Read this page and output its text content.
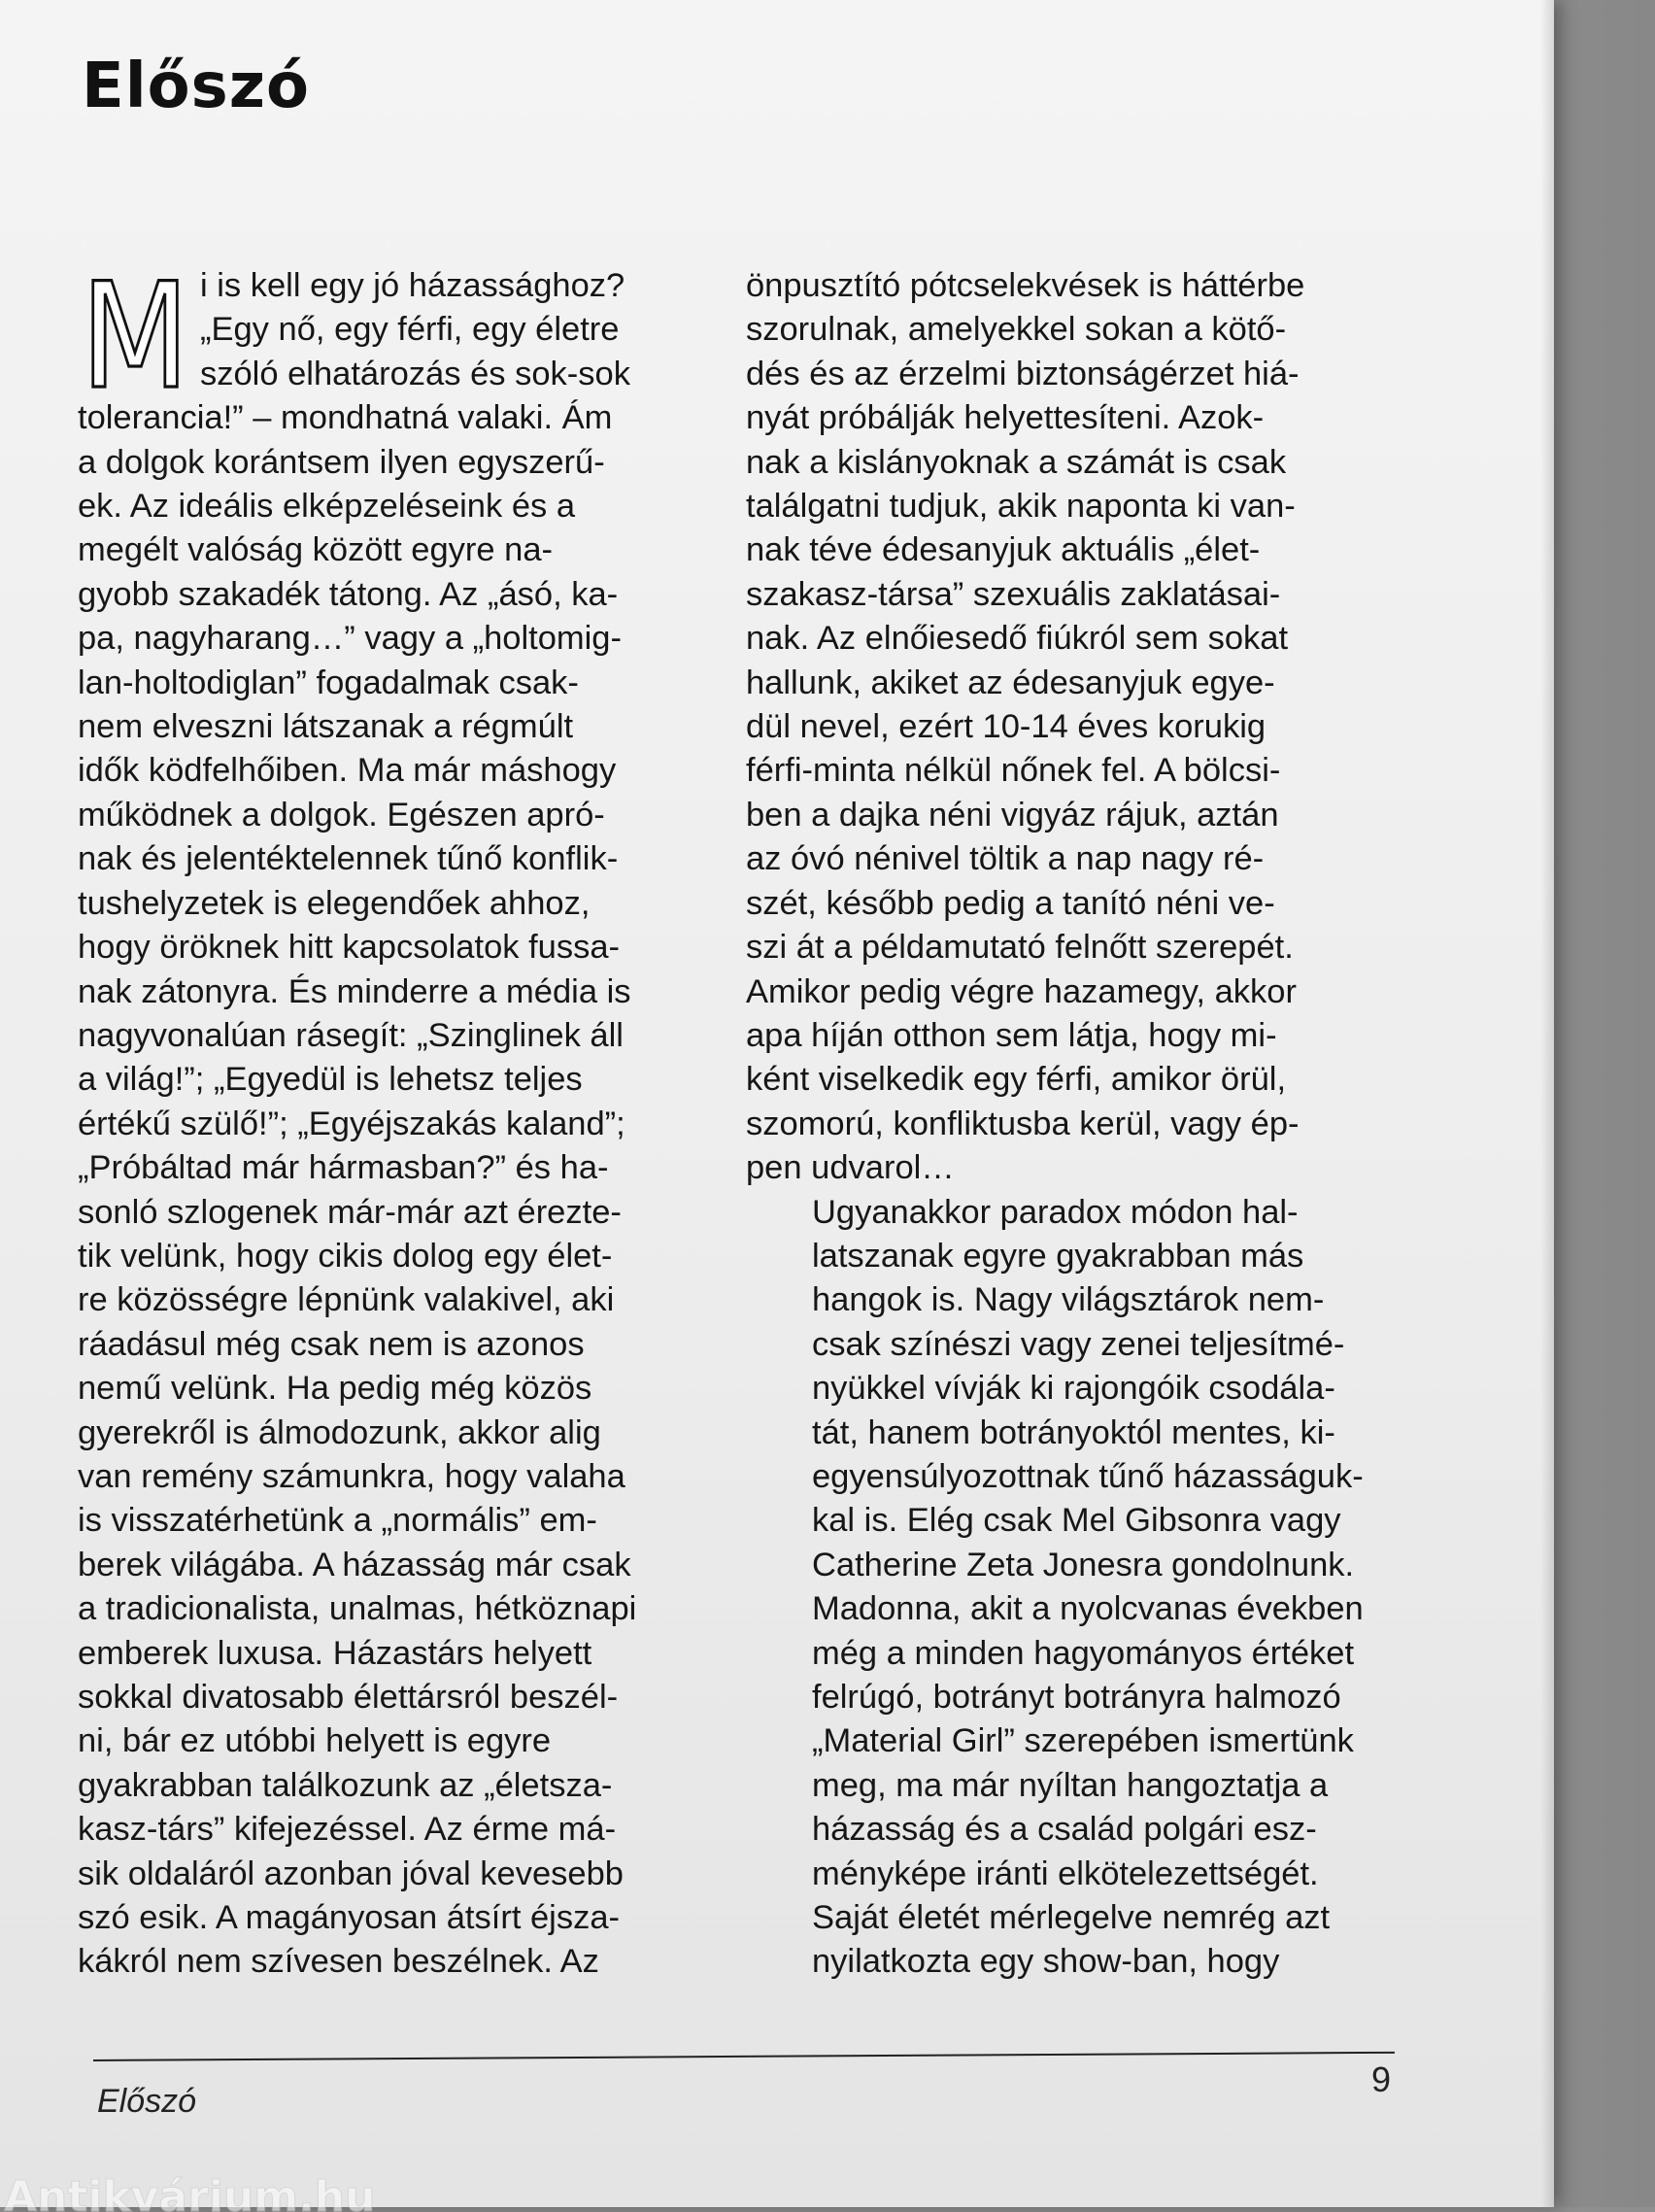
Előszó
M i is kell egy jó házassághoz?
„Egy nő, egy férfi, egy életre
szóló elhatározás és sok-sok
tolerancia!” – mondhatná valaki. Ám
a dolgok korántsem ilyen egyszerű-
ek. Az ideális elképzeléseink és a
megélt valóság között egyre na-
gyobb szakadék tátong. Az „ásó, ka-
pa, nagyharang…” vagy a „holtomig-
lan-holtodiglan” fogadalmak csak-
nem elveszni látszanak a régmúlt
idők ködfelhőiben. Ma már máshogy
működnek a dolgok. Egészen apró-
nak és jelentéktelennek tűnő konflik-
tushelyzetek is elegendőek ahhoz,
hogy öröknek hitt kapcsolatok fussa-
nak zátonyra. És minderre a média is
nagyvonalúan rásegít: „Szinglinek áll
a világ!”; „Egyedül is lehetsz teljes
értékű szülő!”; „Egyéjszakás kaland”;
„Próbáltad már hármasban?” és ha-
sonló szlogenek már-már azt érezte-
tik velünk, hogy cikis dolog egy élet-
re közösségre lépnünk valakivel, aki
ráadásul még csak nem is azonos
nemű velünk. Ha pedig még közös
gyerekről is álmodozunk, akkor alig
van remény számunkra, hogy valaha
is visszatérhetünk a „normális” em-
berek világába. A házasság már csak
a tradicionalista, unalmas, hétköznapi
emberek luxusa. Házastárs helyett
sokkal divatosabb élettársról beszél-
ni, bár ez utóbbi helyett is egyre
gyakrabban találkozunk az „életsza-
kasz-társ” kifejezéssel. Az érme má-
sik oldaláról azonban jóval kevesebb
szó esik. A magányosan átsírt éjsza-
kákról nem szívesen beszélnek. Az

önpusztító pótcselekvések is háttérbe
szorulnak, amelyekkel sokan a kötő-
dés és az érzelmi biztonságérzet hiá-
nyát próbálják helyettesíteni. Azok-
nak a kislányoknak a számát is csak
találgatni tudjuk, akik naponta ki van-
nak téve édesanyjuk aktuális „élet-
szakasz-társa” szexuális zaklatásai-
nak. Az elnőiesedő fiúkról sem sokat
hallunk, akiket az édesanyjuk egye-
dül nevel, ezért 10-14 éves korukig
férfi-minta nélkül nőnek fel. A bölcsi-
ben a dajka néni vigyáz rájuk, aztán
az óvó nénivel töltik a nap nagy ré-
szét, később pedig a tanító néni ve-
szi át a példamutató felnőtt szerepét.
Amikor pedig végre hazamegy, akkor
apa híján otthon sem látja, hogy mi-
ként viselkedik egy férfi, amikor örül,
szomorú, konfliktusba kerül, vagy ép-
pen udvarol…

Ugyanakkor paradox módon hal-
latszanak egyre gyakrabban más
hangok is. Nagy világsztárok nem-
csak színészi vagy zenei teljesítmé-
nyükkel vívják ki rajongóik csodála-
tát, hanem botrányoktól mentes, ki-
egyensúlyozottnak tűnő házasságuk-
kal is. Elég csak Mel Gibsonra vagy
Catherine Zeta Jonesra gondolnunk.
Madonna, akit a nyolcvanas években
még a minden hagyományos értéket
felrúgó, botrányt botrányra halmozó
„Material Girl” szerepében ismertünk
meg, ma már nyíltan hangoztatja a
házasság és a család polgári esz-
ményképe iránti elkötelezettségét.
Saját életét mérlegelve nemrég azt
nyilatkozta egy show-ban, hogy

Előszó
9
Antikvárium.hu
